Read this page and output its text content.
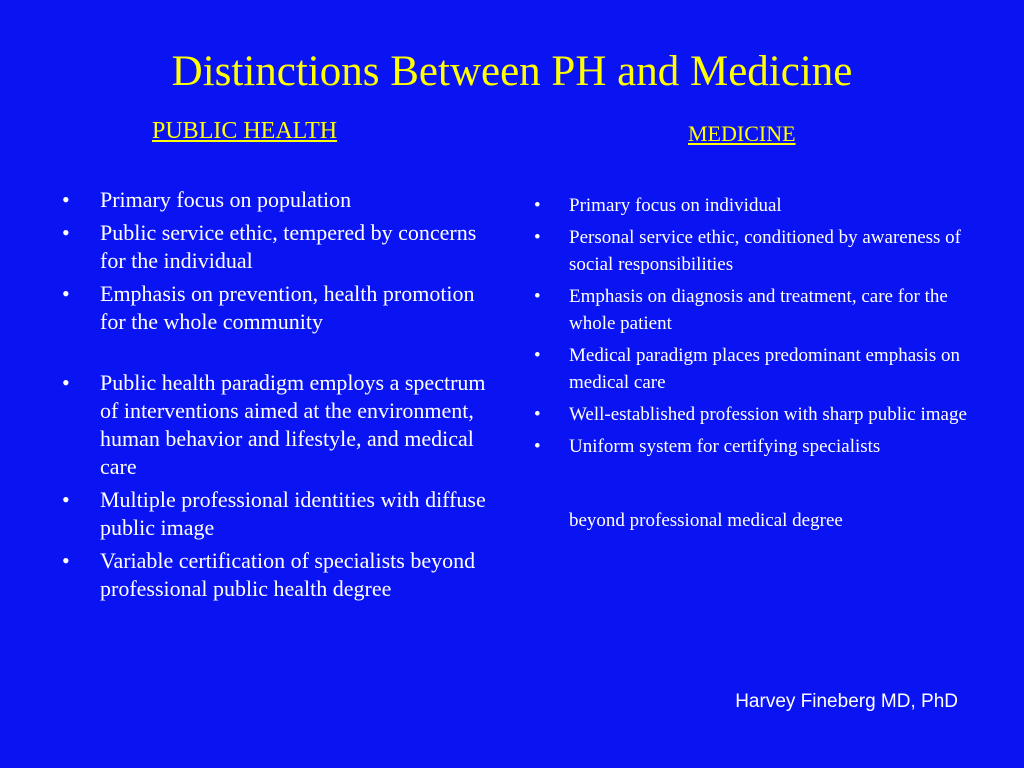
Distinctions Between PH and Medicine
PUBLIC HEALTH	MEDICINE
• Primary focus on population
• Public service ethic, tempered by concerns for the individual
• Emphasis on prevention, health promotion for the whole community
• Public health paradigm employs a spectrum of interventions aimed at the environment, human behavior and lifestyle, and medical care
• Multiple professional identities with diffuse public image
• Variable certification of specialists beyond professional public health degree
• Primary focus on individual
• Personal service ethic, conditioned by awareness of social responsibilities
• Emphasis on diagnosis and treatment, care for the whole patient
• Medical paradigm places predominant emphasis on medical care
• Well-established profession with sharp public image
• Uniform system for certifying specialists
beyond professional medical degree
Harvey Fineberg MD, PhD
